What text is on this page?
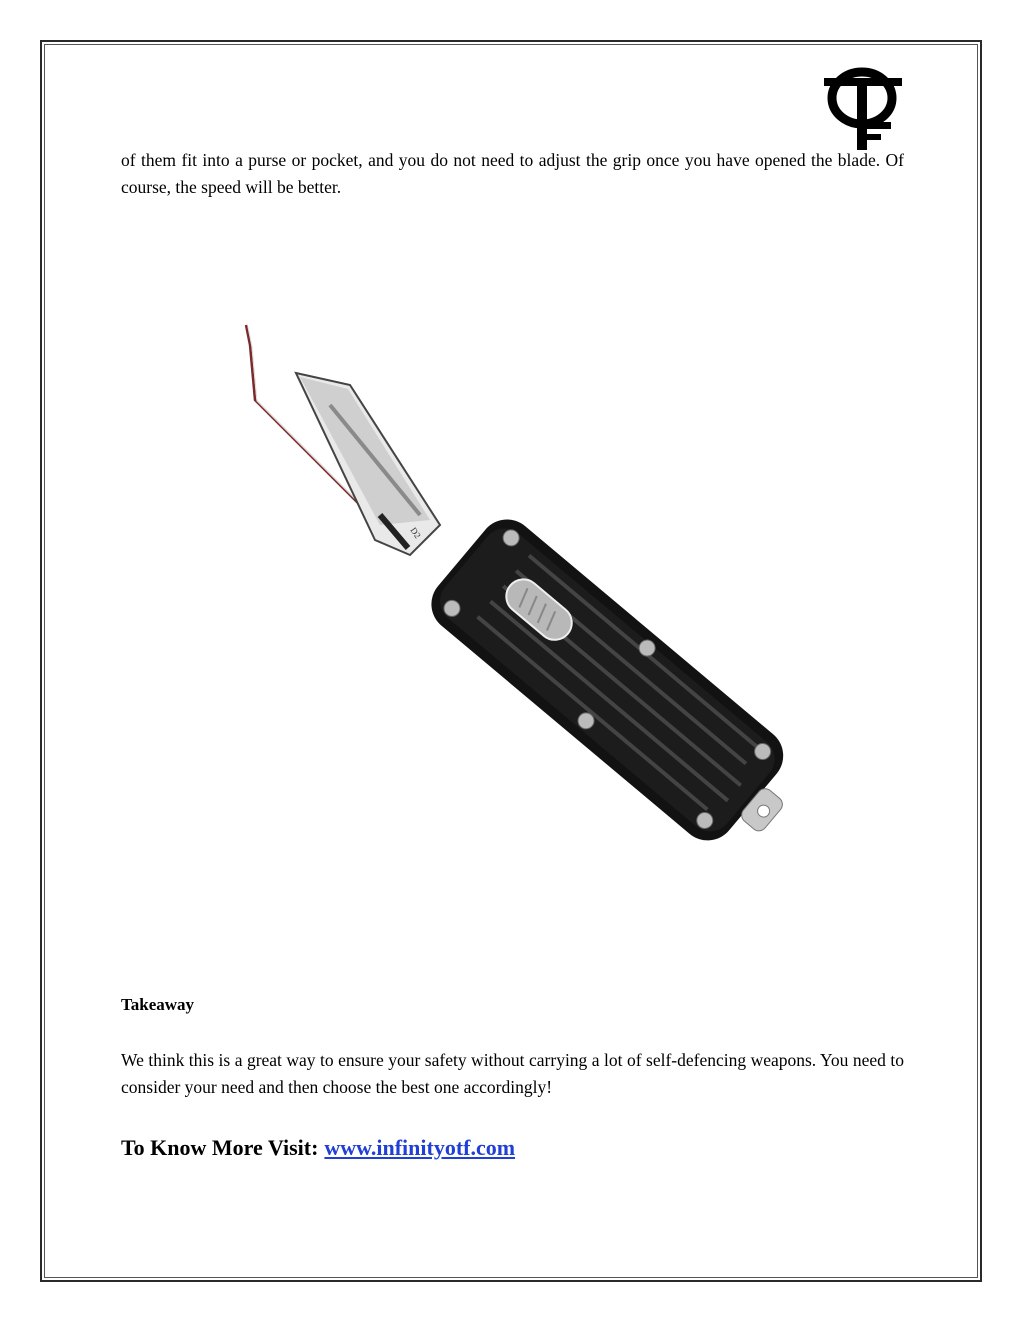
of them fit into a purse or pocket, and you do not need to adjust the grip once you have opened the blade. Of course, the speed will be better.

D2
Takeaway

We think this is a great way to ensure your safety without carrying a lot of self-defencing weapons. You need to consider your need and then choose the best one accordingly!

To Know More Visit: www.infinityotf.com
